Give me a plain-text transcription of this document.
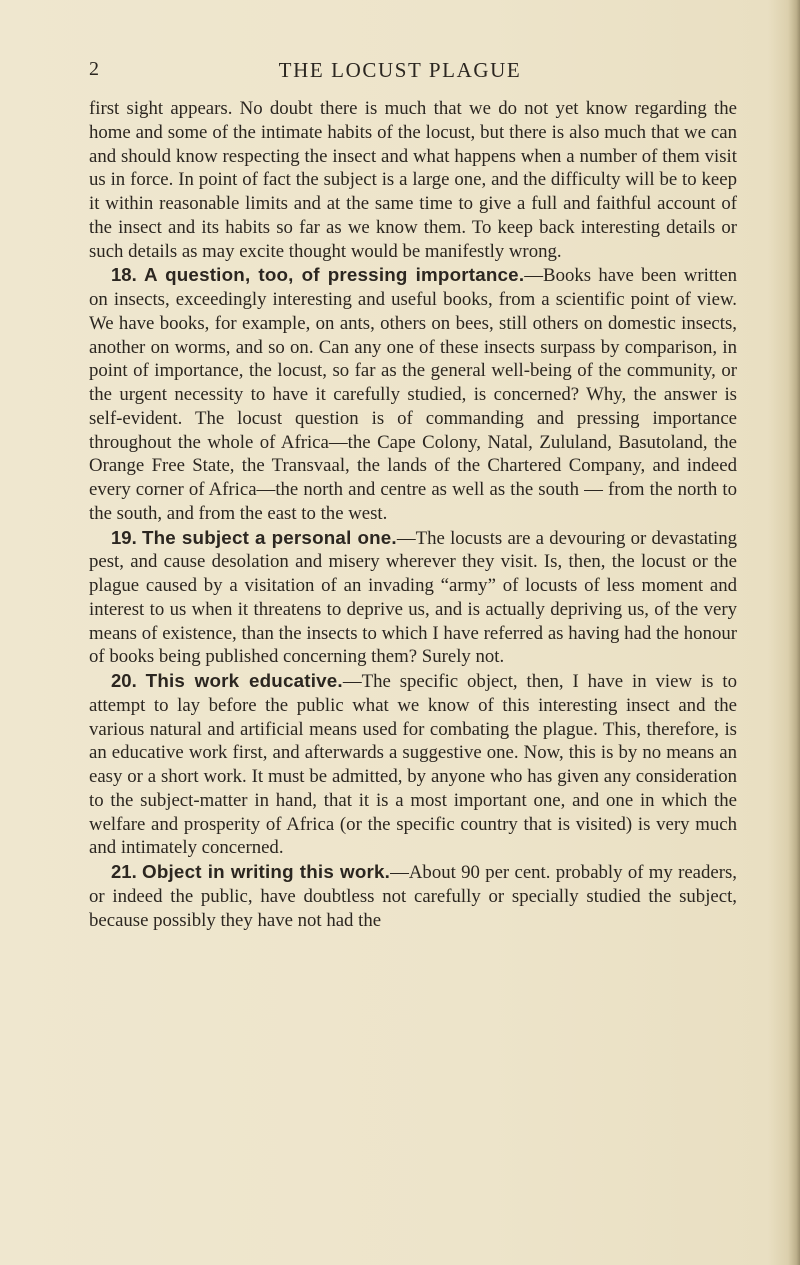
2	THE LOCUST PLAGUE

first sight appears. No doubt there is much that we do not yet know regarding the home and some of the intimate habits of the locust, but there is also much that we can and should know respecting the insect and what happens when a number of them visit us in force. In point of fact the subject is a large one, and the difficulty will be to keep it within reasonable limits and at the same time to give a full and faithful account of the insect and its habits so far as we know them. To keep back interesting details or such details as may excite thought would be manifestly wrong.

18. A question, too, of pressing importance.—Books have been written on insects, exceedingly interesting and useful books, from a scientific point of view. We have books, for example, on ants, others on bees, still others on domestic insects, another on worms, and so on. Can any one of these insects surpass by comparison, in point of importance, the locust, so far as the general well-being of the community, or the urgent necessity to have it carefully studied, is concerned? Why, the answer is self-evident. The locust question is of commanding and pressing importance throughout the whole of Africa—the Cape Colony, Natal, Zululand, Basutoland, the Orange Free State, the Transvaal, the lands of the Chartered Company, and indeed every corner of Africa—the north and centre as well as the south — from the north to the south, and from the east to the west.

19. The subject a personal one.—The locusts are a devouring or devastating pest, and cause desolation and misery wherever they visit. Is, then, the locust or the plague caused by a visitation of an invading “army” of locusts of less moment and interest to us when it threatens to deprive us, and is actually depriving us, of the very means of existence, than the insects to which I have referred as having had the honour of books being published concerning them? Surely not.

20. This work educative.—The specific object, then, I have in view is to attempt to lay before the public what we know of this interesting insect and the various natural and artificial means used for combating the plague. This, therefore, is an educative work first, and afterwards a suggestive one. Now, this is by no means an easy or a short work. It must be admitted, by anyone who has given any consideration to the subject-matter in hand, that it is a most important one, and one in which the welfare and prosperity of Africa (or the specific country that is visited) is very much and intimately concerned.

21. Object in writing this work.—About 90 per cent. probably of my readers, or indeed the public, have doubtless not carefully or specially studied the subject, because possibly they have not had the
